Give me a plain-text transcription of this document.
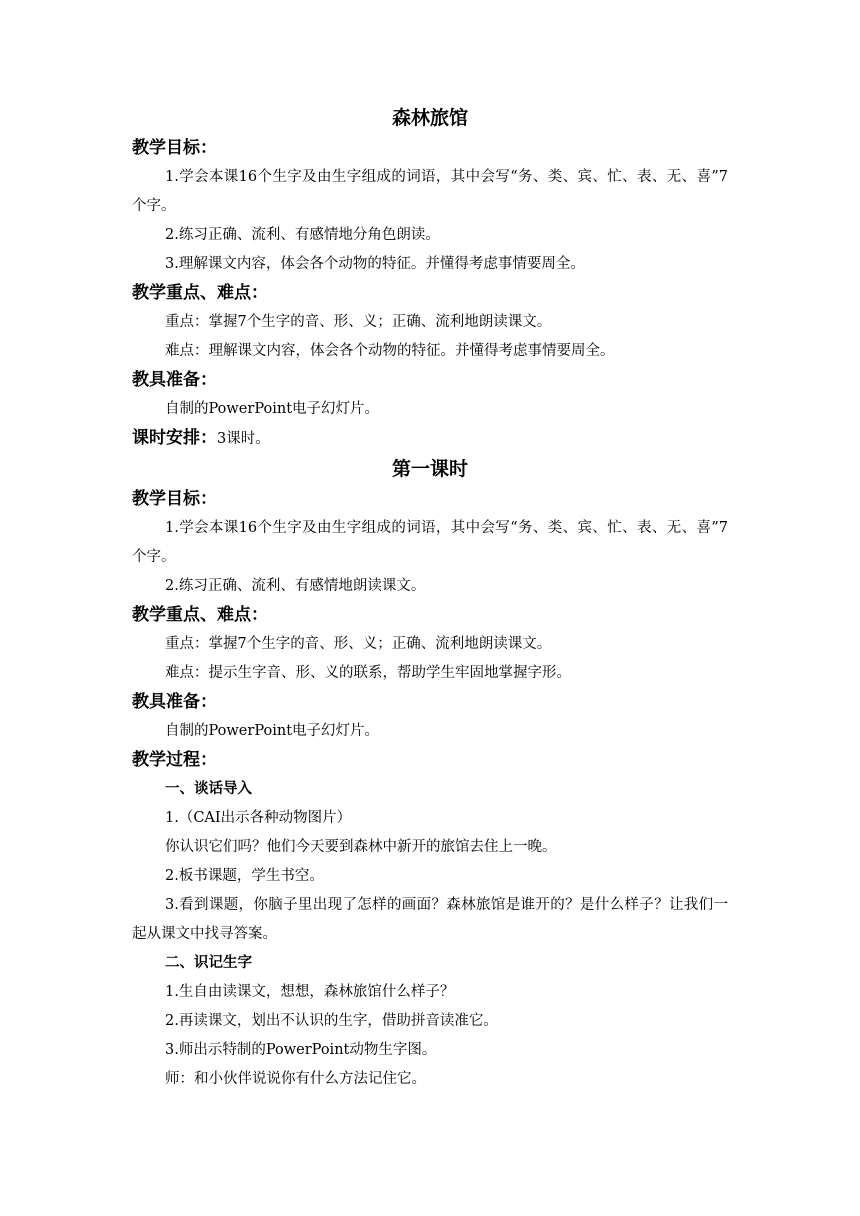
森林旅馆
教学目标：

1.学会本课16个生字及由生字组成的词语，其中会写“务、类、宾、忙、表、无、喜”7个字。

2.练习正确、流利、有感情地分角色朗读。

3.理解课文内容，体会各个动物的特征。并懂得考虑事情要周全。

教学重点、难点：

重点：掌握7个生字的音、形、义；正确、流利地朗读课文。

难点：理解课文内容，体会各个动物的特征。并懂得考虑事情要周全。

教具准备：

自制的PowerPoint电子幻灯片。

课时安排：3课时。
第一课时
教学目标：

1.学会本课16个生字及由生字组成的词语，其中会写“务、类、宾、忙、表、无、喜”7个字。

2.练习正确、流利、有感情地朗读课文。

教学重点、难点：

重点：掌握7个生字的音、形、义；正确、流利地朗读课文。

难点：提示生字音、形、义的联系，帮助学生牢固地掌握字形。

教具准备：

自制的PowerPoint电子幻灯片。

教学过程：
一、谈话导入

1.（CAI出示各种动物图片）

你认识它们吗？他们今天要到森林中新开的旅馆去住上一晚。

2.板书课题，学生书空。

3.看到课题，你脑子里出现了怎样的画面？森林旅馆是谁开的？是什么样子？让我们一起从课文中找寻答案。

二、识记生字

1.生自由读课文，想想，森林旅馆什么样子？

2.再读课文，划出不认识的生字，借助拼音读准它。

3.师出示特制的PowerPoint动物生字图。

师：和小伙伴说说你有什么方法记住它。
